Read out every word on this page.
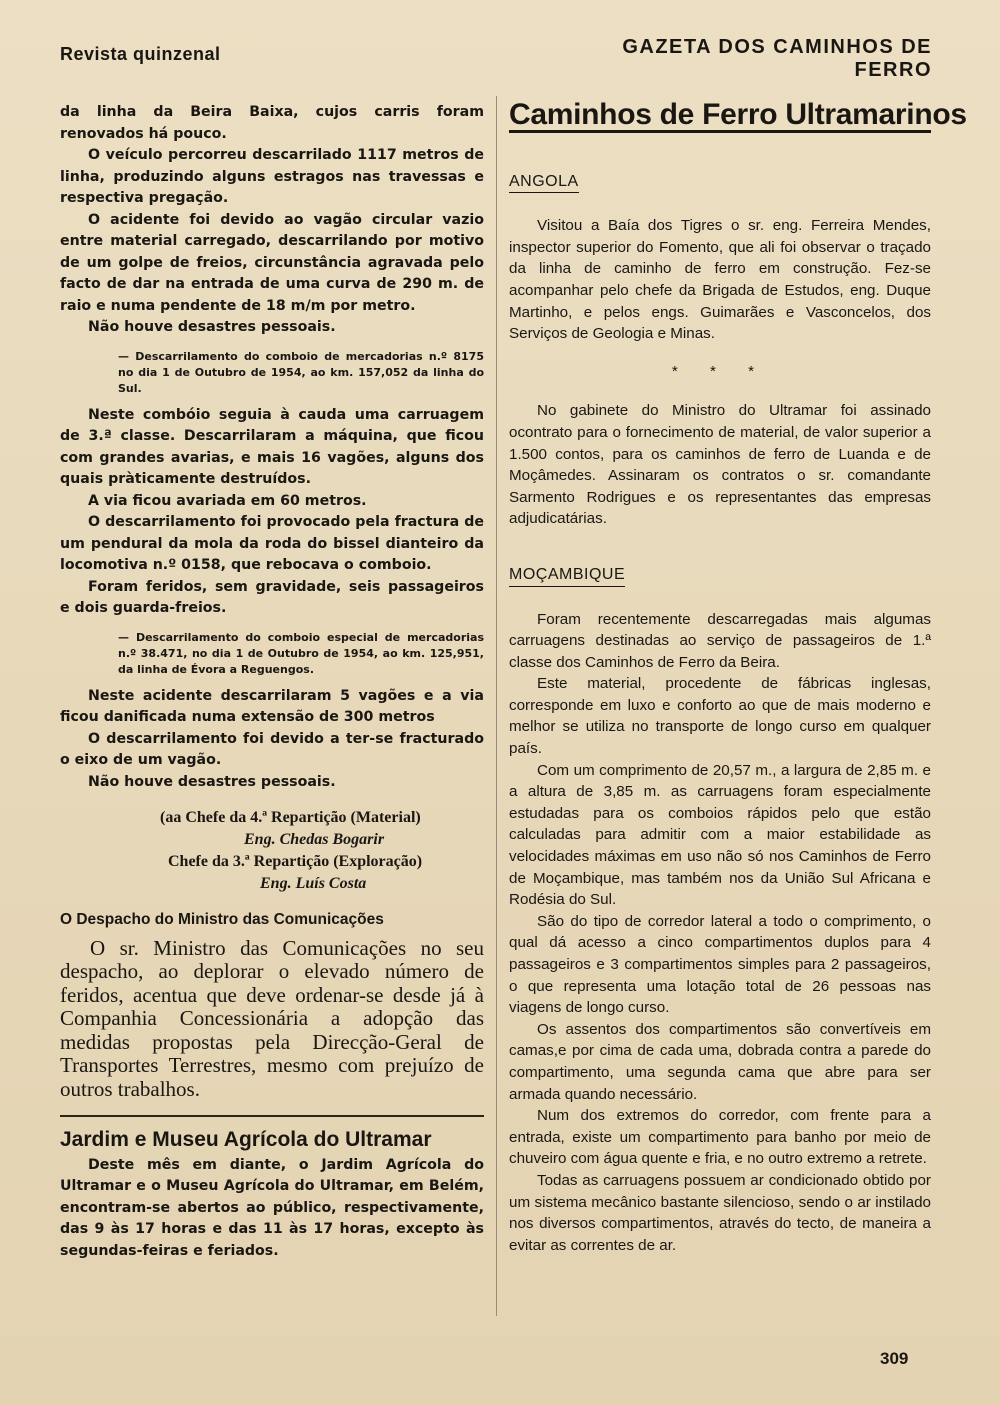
Revista quinzenal	GAZETA DOS CAMINHOS DE FERRO

da linha da Beira Baixa, cujos carris foram renovados há pouco.

O veículo percorreu descarrilado 1117 metros de linha, produzindo alguns estragos nas travessas e respectiva pregação.

O acidente foi devido ao vagão circular vazio entre material carregado, descarrilando por motivo de um golpe de freios, circunstância agravada pelo facto de dar na entrada de uma curva de 290 m. de raio e numa pendente de 18 m/m por metro.

Não houve desastres pessoais.

— Descarrilamento do comboio de mercadorias n.º 8175 no dia 1 de Outubro de 1954, ao km. 157,052 da linha do Sul.

Neste combóio seguia à cauda uma carruagem de 3.ª classe. Descarrilaram a máquina, que ficou com grandes avarias, e mais 16 vagões, alguns dos quais pràticamente destruídos.

A via ficou avariada em 60 metros.

O descarrilamento foi provocado pela fractura de um pendural da mola da roda do bissel dianteiro da locomotiva n.º 0158, que rebocava o comboio.

Foram feridos, sem gravidade, seis passageiros e dois guarda-freios.

— Descarrilamento do comboio especial de mercadorias n.º 38.471, no dia 1 de Outubro de 1954, ao km. 125,951, da linha de Évora a Reguengos.

Neste acidente descarrilaram 5 vagões e a via ficou danificada numa extensão de 300 metros

O descarrilamento foi devido a ter-se fracturado o eixo de um vagão.

Não houve desastres pessoais.

(aa Chefe da 4.ª Repartição (Material)
Eng. Chedas Bogarir
Chefe da 3.ª Repartição (Exploração)
Eng. Luís Costa
O Despacho do Ministro das Comunicações

O sr. Ministro das Comunicações no seu despacho, ao deplorar o elevado número de feridos, acentua que deve ordenar-se desde já à Companhia Concessionária a adopção das medidas propostas pela Direcção-Geral de Transportes Terrestres, mesmo com prejuízo de outros trabalhos.

Jardim e Museu Agrícola do Ultramar

Deste mês em diante, o Jardim Agrícola do Ultramar e o Museu Agrícola do Ultramar, em Belém, encontram-se abertos ao público, respectivamente, das 9 às 17 horas e das 11 às 17 horas, excepto às segundas-feiras e feriados.

Caminhos de Ferro Ultramarinos
ANGOLA

Visitou a Baía dos Tigres o sr. eng. Ferreira Mendes, inspector superior do Fomento, que ali foi observar o traçado da linha de caminho de ferro em construção. Fez-se acompanhar pelo chefe da Brigada de Estudos, eng. Duque Martinho, e pelos engs. Guimarães e Vasconcelos, dos Serviços de Geologia e Minas.

* * *

No gabinete do Ministro do Ultramar foi assinado ocontrato para o fornecimento de material, de valor superior a 1.500 contos, para os caminhos de ferro de Luanda e de Moçâmedes. Assinaram os contratos o sr. comandante Sarmento Rodrigues e os representantes das empresas adjudicatárias.

MOÇAMBIQUE

Foram recentemente descarregadas mais algumas carruagens destinadas ao serviço de passageiros de 1.ª classe dos Caminhos de Ferro da Beira.

Este material, procedente de fábricas inglesas, corresponde em luxo e conforto ao que de mais moderno e melhor se utiliza no transporte de longo curso em qualquer país.

Com um comprimento de 20,57 m., a largura de 2,85 m. e a altura de 3,85 m. as carruagens foram especialmente estudadas para os comboios rápidos pelo que estão calculadas para admitir com a maior estabilidade as velocidades máximas em uso não só nos Caminhos de Ferro de Moçambique, mas também nos da União Sul Africana e Rodésia do Sul.

São do tipo de corredor lateral a todo o comprimento, o qual dá acesso a cinco compartimentos duplos para 4 passageiros e 3 compartimentos simples para 2 passageiros, o que representa uma lotação total de 26 pessoas nas viagens de longo curso.

Os assentos dos compartimentos são convertíveis em camas,e por cima de cada uma, dobrada contra a parede do compartimento, uma segunda cama que abre para ser armada quando necessário.

Num dos extremos do corredor, com frente para a entrada, existe um compartimento para banho por meio de chuveiro com água quente e fria, e no outro extremo a retrete.

Todas as carruagens possuem ar condicionado obtido por um sistema mecânico bastante silencioso, sendo o ar instilado nos diversos compartimentos, através do tecto, de maneira a evitar as correntes de ar.

309
